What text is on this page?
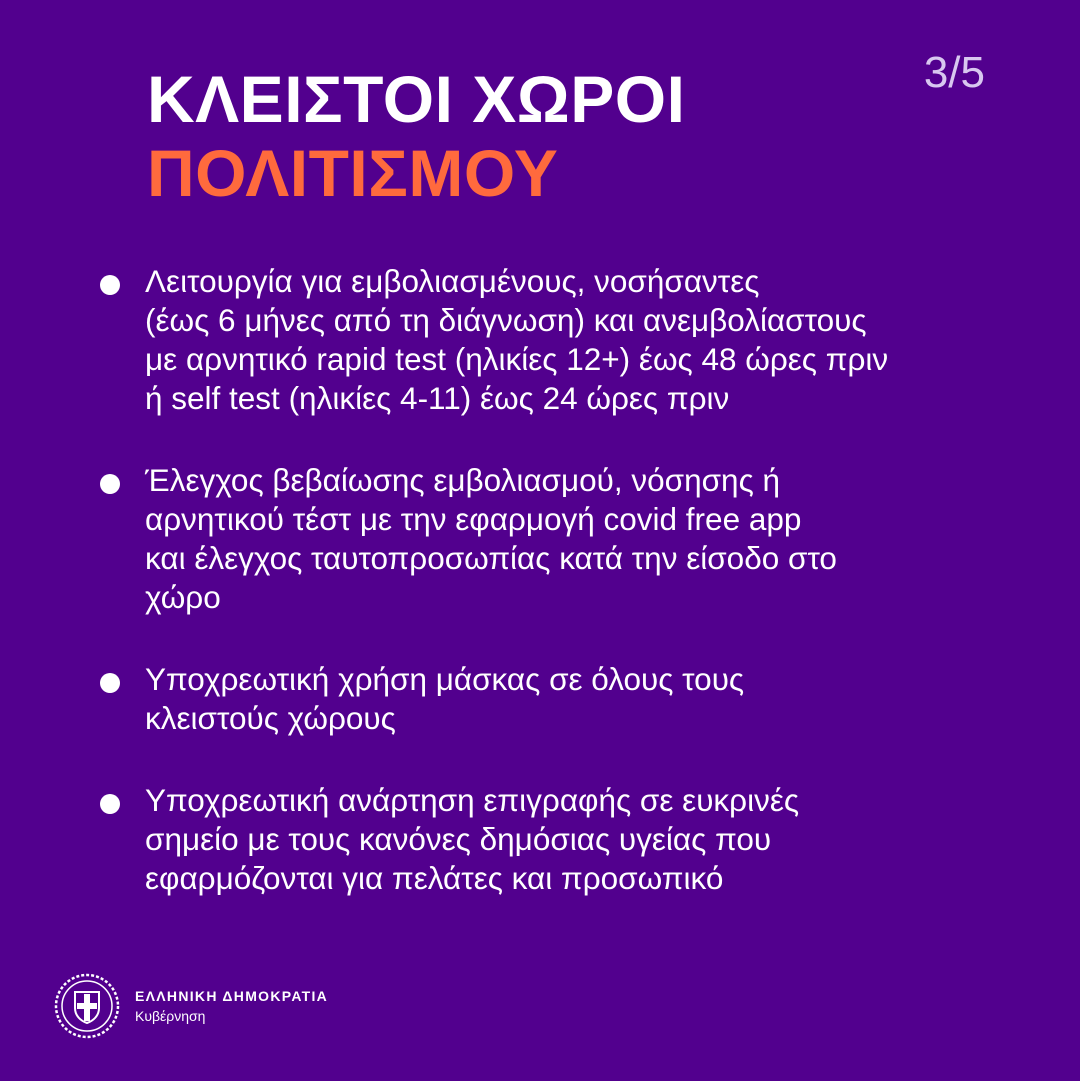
ΚΛΕΙΣΤΟΙ ΧΩΡΟΙ
ΠΟΛΙΤΙΣΜΟΥ
3/5
Λειτουργία για εμβολιασμένους, νοσήσαντες
(έως 6 μήνες από τη διάγνωση) και ανεμβολίαστους
με αρνητικό rapid test (ηλικίες 12+) έως 48 ώρες πριν
ή self test (ηλικίες 4-11) έως 24 ώρες πριν
Έλεγχος βεβαίωσης εμβολιασμού, νόσησης ή
αρνητικού τέστ με την εφαρμογή covid free app
και έλεγχος ταυτοπροσωπίας κατά την είσοδο στο
χώρο
Υποχρεωτική χρήση μάσκας σε όλους τους
κλειστούς χώρους
Υποχρεωτική ανάρτηση επιγραφής σε ευκρινές
σημείο με τους κανόνες δημόσιας υγείας που
εφαρμόζονται για πελάτες και προσωπικό
ΕΛΛΗΝΙΚΗ ΔΗΜΟΚΡΑΤΙΑ
Κυβέρνηση
